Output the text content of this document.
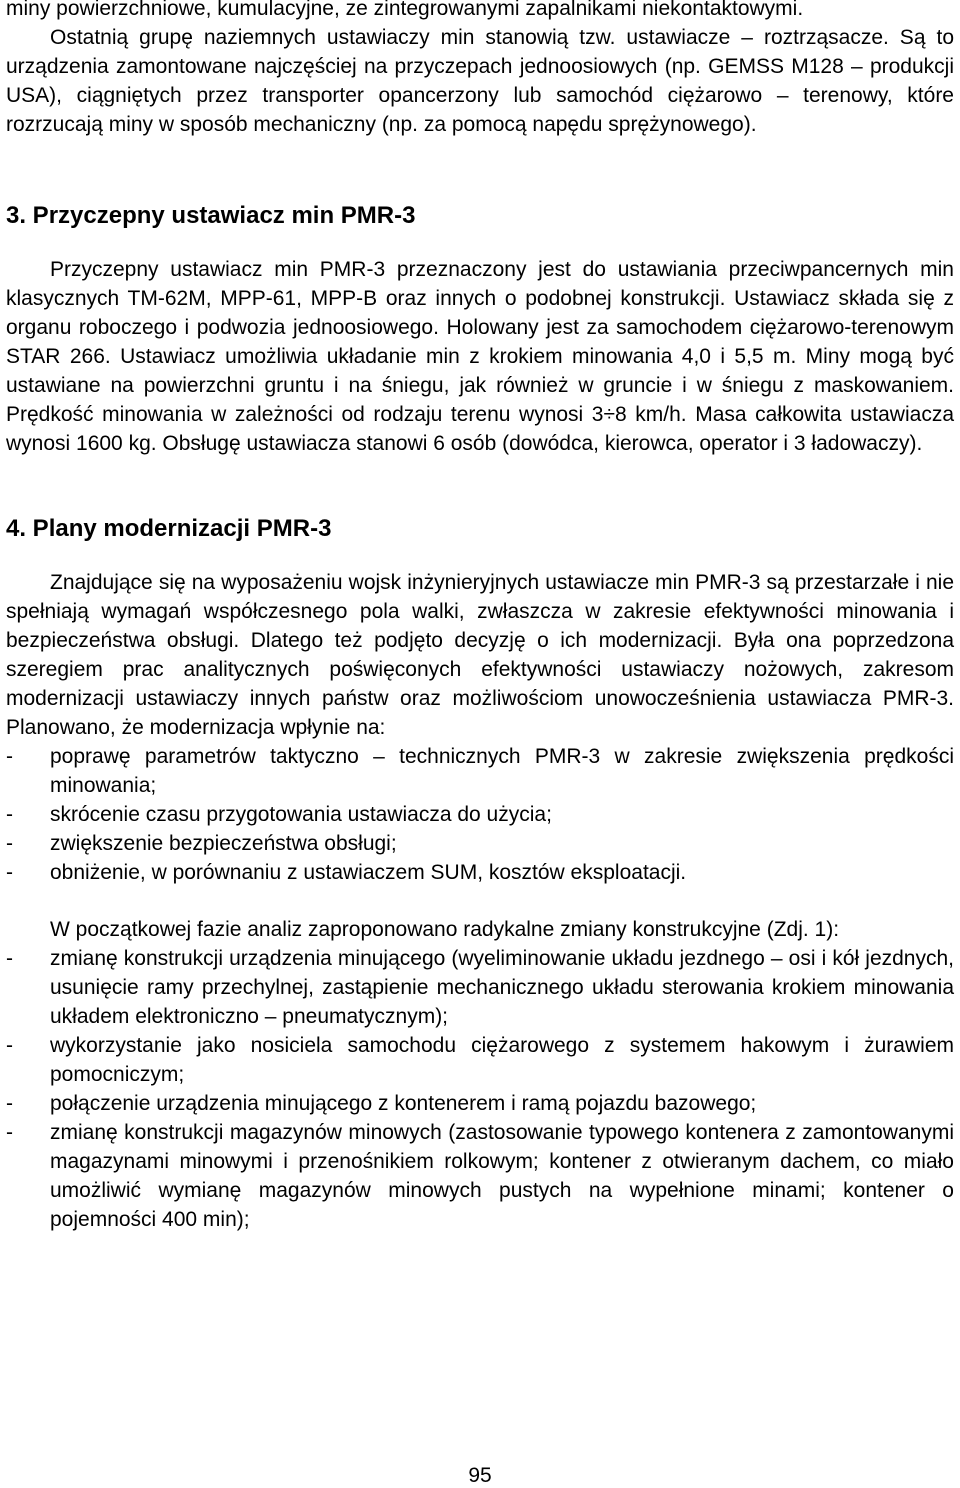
miny powierzchniowe, kumulacyjne, ze zintegrowanymi zapalnikami niekontaktowymi.

Ostatnią grupę naziemnych ustawiaczy min stanowią tzw. ustawiacze – roztrząsacze. Są to urządzenia zamontowane najczęściej na przyczepach jednoosiowych (np. GEMSS M128 – produkcji USA), ciągniętych przez transporter opancerzony lub samochód ciężarowo – terenowy, które rozrzucają miny w sposób mechaniczny (np. za pomocą napędu sprężynowego).

3. Przyczepny ustawiacz min PMR-3

Przyczepny ustawiacz min PMR-3 przeznaczony jest do ustawiania przeciwpancernych min klasycznych TM-62M, MPP-61, MPP-B oraz innych o podobnej konstrukcji. Ustawiacz składa się z organu roboczego i podwozia jednoosiowego. Holowany jest za samochodem ciężarowo-terenowym STAR 266. Ustawiacz umożliwia układanie min z krokiem minowania 4,0 i 5,5 m. Miny mogą być ustawiane na powierzchni gruntu i na śniegu, jak również w gruncie i w śniegu z maskowaniem. Prędkość minowania w zależności od rodzaju terenu wynosi 3÷8 km/h. Masa całkowita ustawiacza wynosi 1600 kg. Obsługę ustawiacza stanowi 6 osób (dowódca, kierowca, operator i 3 ładowaczy).

4. Plany modernizacji PMR-3

Znajdujące się na wyposażeniu wojsk inżynieryjnych ustawiacze min PMR-3 są przestarzałe i nie spełniają wymagań współczesnego pola walki, zwłaszcza w zakresie efektywności minowania i bezpieczeństwa obsługi. Dlatego też podjęto decyzję o ich modernizacji. Była ona poprzedzona szeregiem prac analitycznych poświęconych efektywności ustawiaczy nożowych, zakresom modernizacji ustawiaczy innych państw oraz możliwościom unowocześnienia ustawiacza PMR-3. Planowano, że modernizacja wpłynie na:

- poprawę parametrów taktyczno – technicznych PMR-3 w zakresie zwiększenia prędkości minowania;
- skrócenie czasu przygotowania ustawiacza do użycia;
- zwiększenie bezpieczeństwa obsługi;
- obniżenie, w porównaniu z ustawiaczem SUM, kosztów eksploatacji.

W początkowej fazie analiz zaproponowano radykalne zmiany konstrukcyjne (Zdj. 1):

- zmianę konstrukcji urządzenia minującego (wyeliminowanie układu jezdnego – osi i kół jezdnych, usunięcie ramy przechylnej, zastąpienie mechanicznego układu sterowania krokiem minowania układem elektroniczno – pneumatycznym);
- wykorzystanie jako nosiciela samochodu ciężarowego z systemem hakowym i żurawiem pomocniczym;
- połączenie urządzenia minującego z kontenerem i ramą pojazdu bazowego;
- zmianę konstrukcji magazynów minowych (zastosowanie typowego kontenera z zamontowanymi magazynami minowymi i przenośnikiem rolkowym; kontener z otwieranym dachem, co miało umożliwić wymianę magazynów minowych pustych na wypełnione minami; kontener o pojemności 400 min);
95
